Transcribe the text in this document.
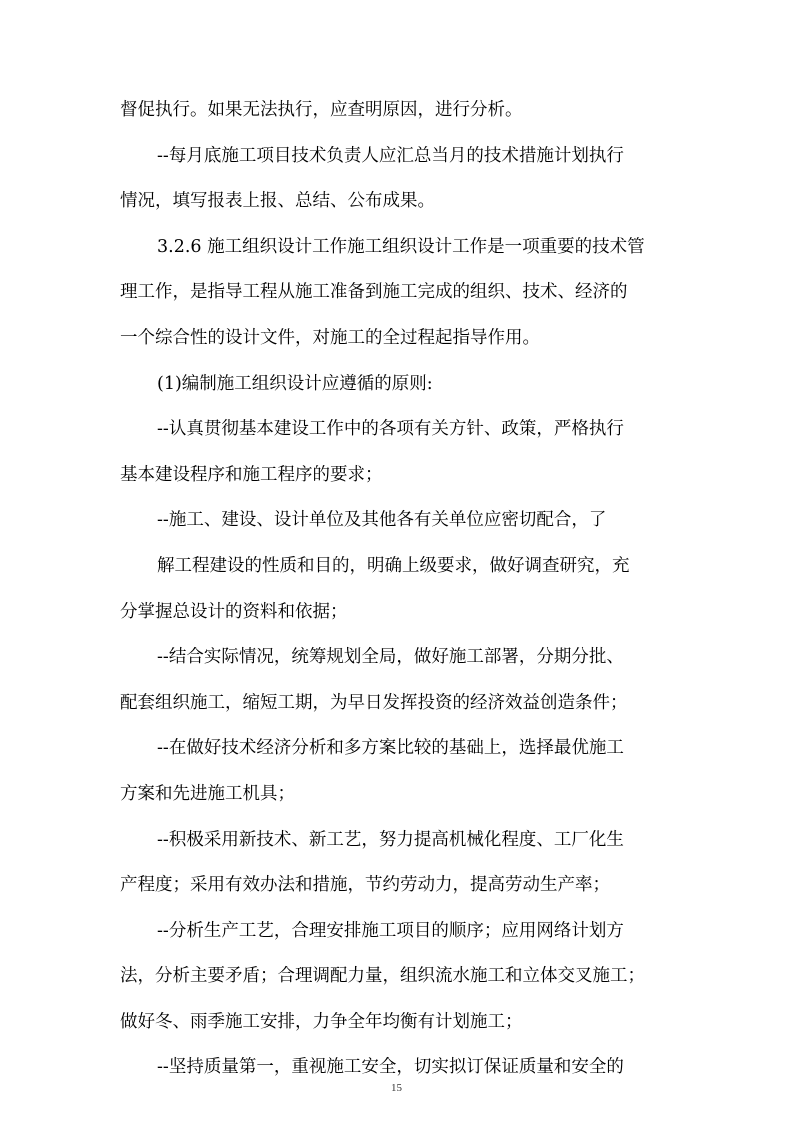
督促执行。如果无法执行，应查明原因，进行分析。
--每月底施工项目技术负责人应汇总当月的技术措施计划执行
情况，填写报表上报、总结、公布成果。
3.2.6 施工组织设计工作施工组织设计工作是一项重要的技术管
理工作，是指导工程从施工准备到施工完成的组织、技术、经济的
一个综合性的设计文件，对施工的全过程起指导作用。
(1)编制施工组织设计应遵循的原则:
--认真贯彻基本建设工作中的各项有关方针、政策，严格执行
基本建设程序和施工程序的要求；
--施工、建设、设计单位及其他各有关单位应密切配合，了
解工程建设的性质和目的，明确上级要求，做好调查研究，充
分掌握总设计的资料和依据；
--结合实际情况，统筹规划全局，做好施工部署，分期分批、
配套组织施工，缩短工期，为早日发挥投资的经济效益创造条件；
--在做好技术经济分析和多方案比较的基础上，选择最优施工
方案和先进施工机具；
--积极采用新技术、新工艺，努力提高机械化程度、工厂化生
产程度；采用有效办法和措施，节约劳动力，提高劳动生产率；
--分析生产工艺，合理安排施工项目的顺序；应用网络计划方
法，分析主要矛盾；合理调配力量，组织流水施工和立体交叉施工；
做好冬、雨季施工安排，力争全年均衡有计划施工；
--坚持质量第一，重视施工安全，切实拟订保证质量和安全的
15
